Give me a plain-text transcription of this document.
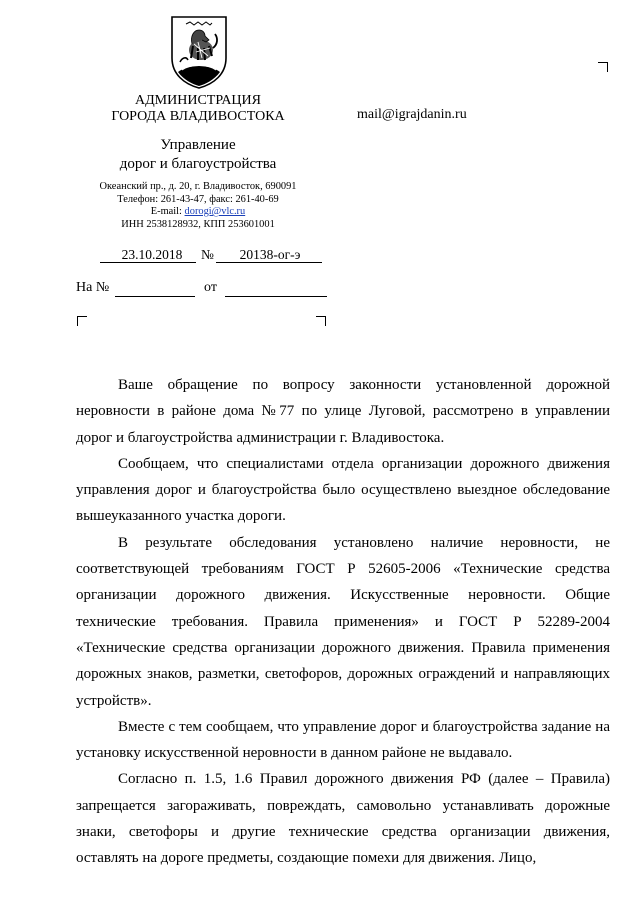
АДМИНИСТРАЦИЯ
ГОРОДА ВЛАДИВОСТОКА
Управление
дорог и благоустройства
Океанский пр., д. 20, г. Владивосток, 690091
Телефон: 261-43-47, факс: 261-40-69
E-mail: dorogi@vlc.ru
ИНН 2538128932, КПП 253601001
mail@igrajdanin.ru
23.10.2018	№	20138-ог-э
На №	от

Ваше обращение по вопросу законности установленной дорожной неровности в районе дома №77 по улице Луговой, рассмотрено в управлении дорог и благоустройства администрации г. Владивостока.

Сообщаем, что специалистами отдела организации дорожного движения управления дорог и благоустройства было осуществлено выездное обследование вышеуказанного участка дороги.

В результате обследования установлено наличие неровности, не соответствующей требованиям ГОСТ Р 52605-2006 «Технические средства организации дорожного движения. Искусственные неровности. Общие технические требования. Правила применения» и ГОСТ Р 52289-2004 «Технические средства организации дорожного движения. Правила применения дорожных знаков, разметки, светофоров, дорожных ограждений и направляющих устройств».

Вместе с тем сообщаем, что управление дорог и благоустройства задание на установку искусственной неровности в данном районе не выдавало.

Согласно п. 1.5, 1.6 Правил дорожного движения РФ (далее – Правила) запрещается загораживать, повреждать, самовольно устанавливать дорожные знаки, светофоры и другие технические средства организации движения, оставлять на дороге предметы, создающие помехи для движения. Лицо,
